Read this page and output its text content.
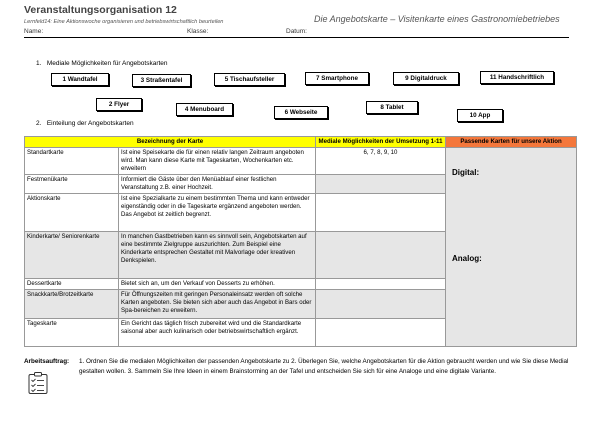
Veranstaltungsorganisation 12
Lernfeld14: Eine Aktionswoche organisieren und betriebswirtschaftlich beurteilen	Die Angebotskarte – Visitenkarte eines Gastronomiebetriebes
Name:	Klasse:	Datum:
1.   Mediale Möglichkeiten für Angebotskarten
1 Wandtafel	3 Straßentafel	5 Tischaufsteller	7 Smartphone	9 Digitaldruck	11 Handschriftlich
2 Flyer
4 Menuboard	6 Webseite
8 Tablet
10 App
2.   Einteilung der Angebotskarten
Bezeichnung der Karte		Mediale Möglichkeiten der Umsetzung 1-11	Passende Karten für unsere Aktion
Standartkarte	Ist eine Speisekarte die für einen relativ langen Zeitraum angeboten wird. Man kann diese Karte mit Tageskarten, Wochenkarten etc. erweitern	6, 7, 8, 9, 10	
Festmenükarte	Informiert die Gäste über den Menüablauf einer festlichen Veranstaltung z.B. einer Hochzeit.		
Aktionskarte	Ist eine Spezialkarte zu einem bestimmten Thema und kann entweder eigenständig oder in die Tageskarte ergänzend angeboten werden. Das Angebot ist zeitlich begrenzt.		
Kinderkarte/ Seniorenkarte	In manchen Gastbetrieben kann es sinnvoll sein, Angebotskarten auf eine bestimmte Zielgruppe auszurichten. Zum Beispiel eine Kinderkarte entsprechen Gestaltet mit Malvorlage oder kreativen Denkspielen.		
Dessertkarte	Bietet sich an, um den Verkauf von Desserts zu erhöhen.		
Snackkarte/Brotzeitkarte	Für Öffnungszeiten mit geringen Personaleinsatz werden oft solche Karten angeboten. Sie bieten sich aber auch das Angebot in Bars oder Spa-bereichen zu erweitern.		
Tageskarte	Ein Gericht das täglich frisch zubereitet wird und die Standardkarte saisonal aber auch kulinarisch oder betriebswirtschaftlich ergänzt.		
Digital:
Analog:
Arbeitsauftrag: 1. Ordnen Sie die medialen Möglichkeiten der passenden Angebotskarte zu 2. Überlegen Sie, welche Angebotskarten für die Aktion gebraucht werden und wie Sie diese Medial gestalten wollen. 3. Sammeln Sie Ihre Ideen in einem Brainstorming an der Tafel und entscheiden Sie sich für eine Analoge und eine digitale Variante.
